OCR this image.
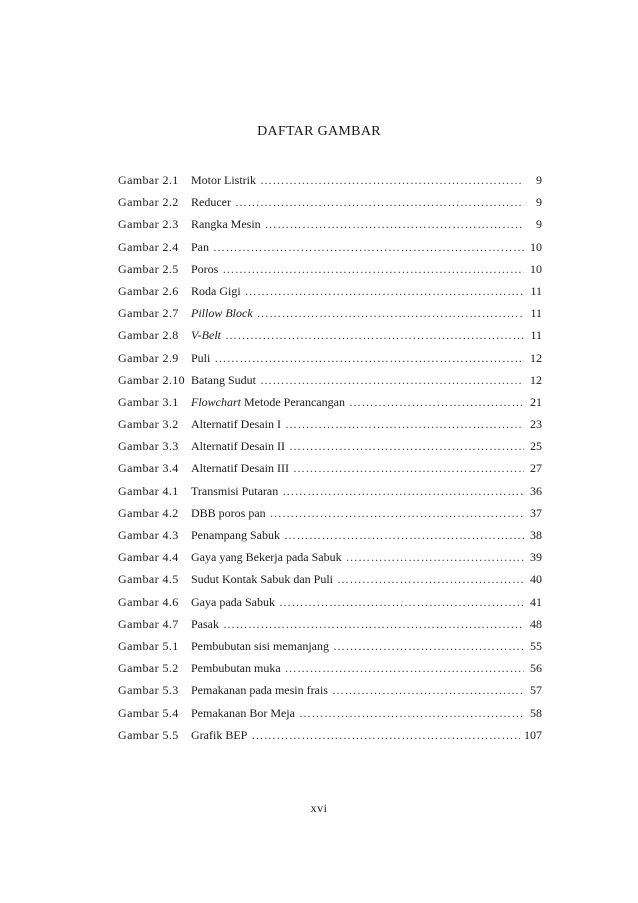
DAFTAR GAMBAR
Gambar 2.1	Motor Listrik ……………………………………………………………………………………………………………………………………………………………………………………	9
Gambar 2.2	Reducer ……………………………………………………………………………………………………………………………………………………………………………………	9
Gambar 2.3	Rangka Mesin ……………………………………………………………………………………………………………………………………………………………………………………	9
Gambar 2.4	Pan ……………………………………………………………………………………………………………………………………………………………………………………	10
Gambar 2.5	Poros ……………………………………………………………………………………………………………………………………………………………………………………	10
Gambar 2.6	Roda Gigi ……………………………………………………………………………………………………………………………………………………………………………………	11
Gambar 2.7	Pillow Block ……………………………………………………………………………………………………………………………………………………………………………………	11
Gambar 2.8	V-Belt ……………………………………………………………………………………………………………………………………………………………………………………	11
Gambar 2.9	Puli ……………………………………………………………………………………………………………………………………………………………………………………	12
Gambar 2.10 Batang Sudut ……………………………………………………………………………………………………………………………………………………………………………………	12
Gambar 3.1	Flowchart Metode Perancangan ……………………………………………………………………………………………………………………………………………………………………………………	21
Gambar 3.2	Alternatif Desain I ……………………………………………………………………………………………………………………………………………………………………………………	23
Gambar 3.3	Alternatif Desain II ……………………………………………………………………………………………………………………………………………………………………………………	25
Gambar 3.4	Alternatif Desain III ……………………………………………………………………………………………………………………………………………………………………………………	27
Gambar 4.1	Transmisi Putaran ……………………………………………………………………………………………………………………………………………………………………………………	36
Gambar 4.2	DBB poros pan ……………………………………………………………………………………………………………………………………………………………………………………	37
Gambar 4.3	Penampang Sabuk ……………………………………………………………………………………………………………………………………………………………………………………	38
Gambar 4.4	Gaya yang Bekerja pada Sabuk ……………………………………………………………………………………………………………………………………………………………………………………	39
Gambar 4.5	Sudut Kontak Sabuk dan Puli ……………………………………………………………………………………………………………………………………………………………………………………	40
Gambar 4.6	Gaya pada Sabuk ……………………………………………………………………………………………………………………………………………………………………………………	41
Gambar 4.7	Pasak ……………………………………………………………………………………………………………………………………………………………………………………	48
Gambar 5.1	Pembubutan sisi memanjang ……………………………………………………………………………………………………………………………………………………………………………………	55
Gambar 5.2	Pembubutan muka ……………………………………………………………………………………………………………………………………………………………………………………	56
Gambar 5.3	Pemakanan pada mesin frais ……………………………………………………………………………………………………………………………………………………………………………………	57
Gambar 5.4	Pemakanan Bor Meja ……………………………………………………………………………………………………………………………………………………………………………………	58
Gambar 5.5	Grafik BEP ……………………………………………………………………………………………………………………………………………………………………………………	107
xvi
